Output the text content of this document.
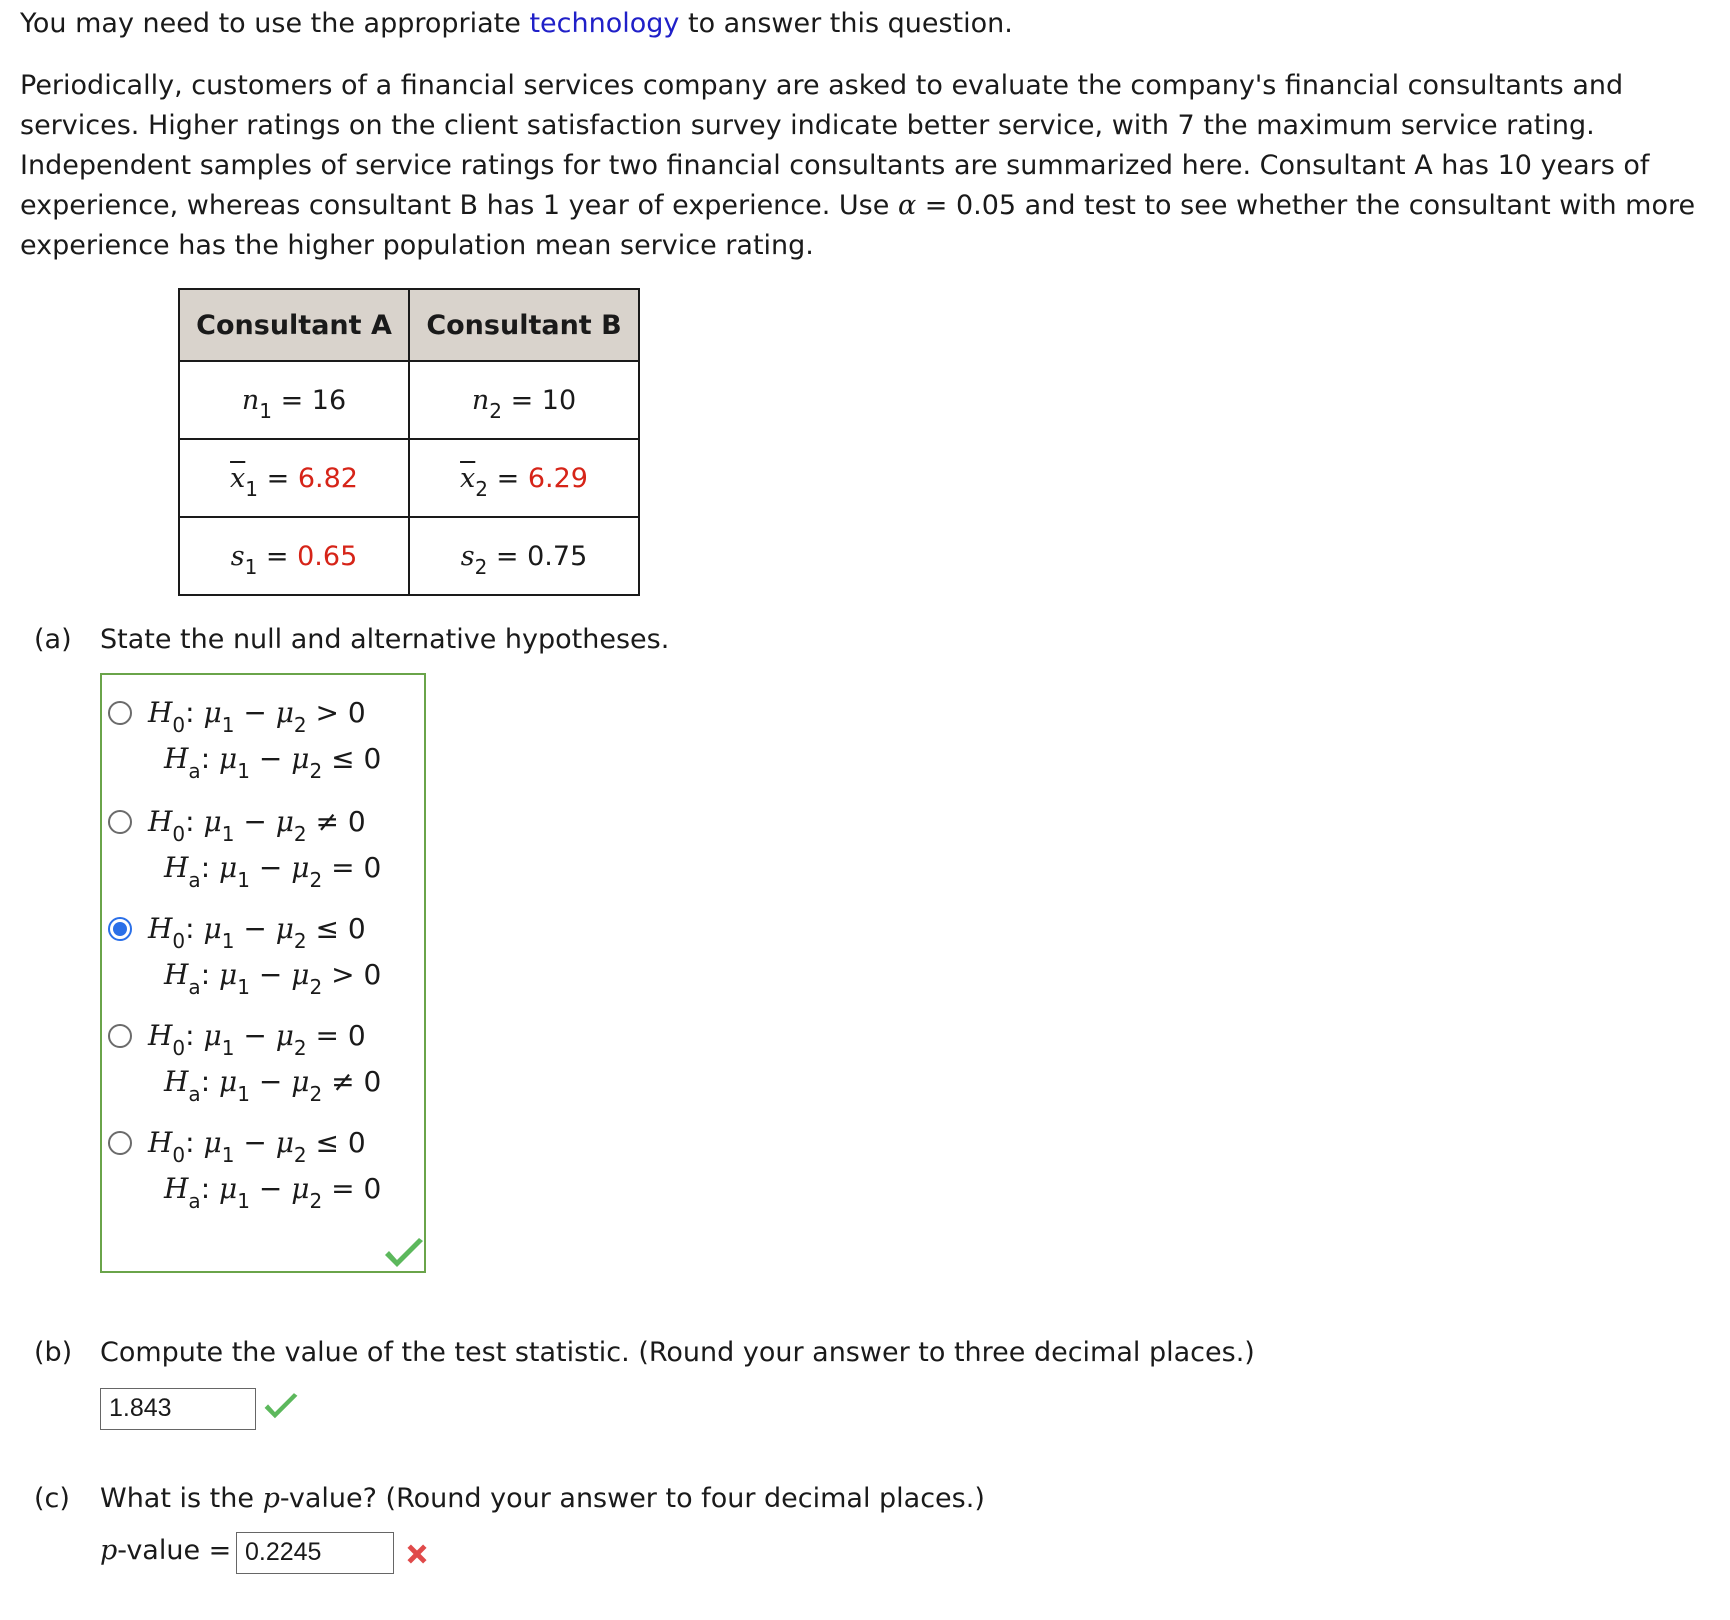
You may need to use the appropriate technology to answer this question.
Periodically, customers of a financial services company are asked to evaluate the company's financial consultants and services. Higher ratings on the client satisfaction survey indicate better service, with 7 the maximum service rating. Independent samples of service ratings for two financial consultants are summarized here. Consultant A has 10 years of experience, whereas consultant B has 1 year of experience. Use α = 0.05 and test to see whether the consultant with more experience has the higher population mean service rating.
Consultant A	Consultant B
$n_1 = 16$	$n_2 = 10$
$\overline{x}_1 = 6.82$	$\overline{x}_2 = 6.29$
$s_1 = 0.65$	$s_2 = 0.75$
(a) State the null and alternative hypotheses.
$H_0$: $\mu_1 - \mu_2 > 0$
$H_a$: $\mu_1 - \mu_2 \le 0$
$H_0$: $\mu_1 - \mu_2 \ne 0$
$H_a$: $\mu_1 - \mu_2 = 0$
$H_0$: $\mu_1 - \mu_2 \le 0$
$H_a$: $\mu_1 - \mu_2 > 0$
$H_0$: $\mu_1 - \mu_2 = 0$
$H_a$: $\mu_1 - \mu_2 \ne 0$
$H_0$: $\mu_1 - \mu_2 \le 0$
$H_a$: $\mu_1 - \mu_2 = 0$
(b) Compute the value of the test statistic. (Round your answer to three decimal places.)
1.843
(c) What is the p-value? (Round your answer to four decimal places.)
p-value = 0.2245
